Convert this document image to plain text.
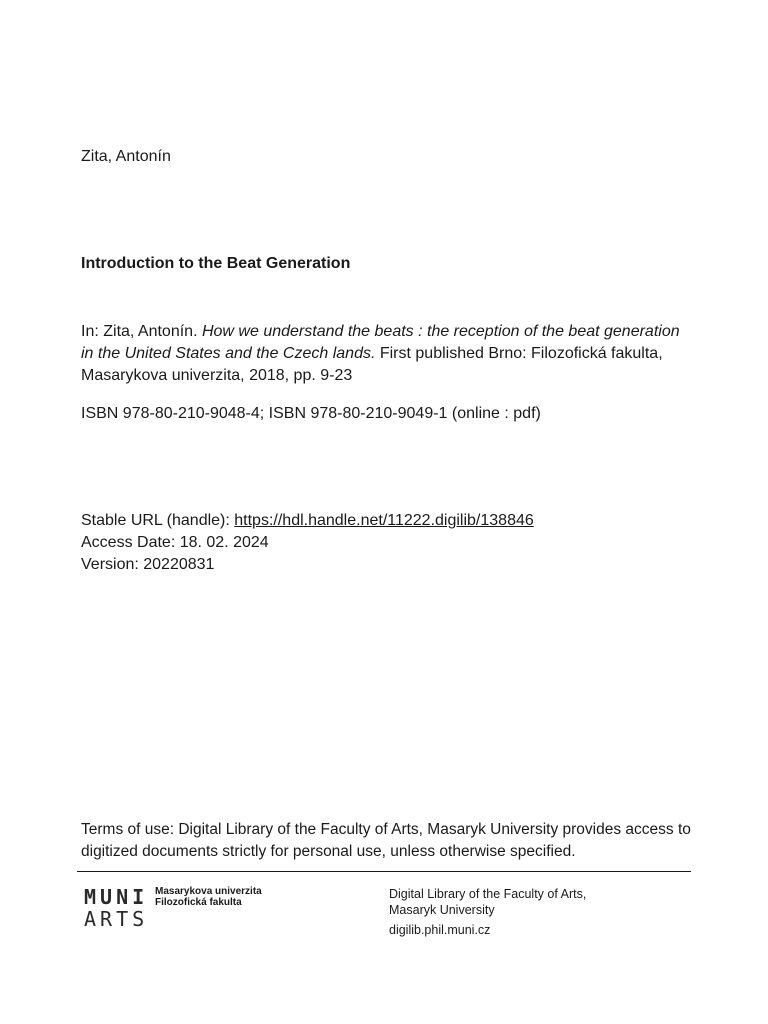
Zita, Antonín
Introduction to the Beat Generation
In: Zita, Antonín. How we understand the beats : the reception of the beat generation in the United States and the Czech lands. First published Brno: Filozofická fakulta, Masarykova univerzita, 2018, pp. 9-23
ISBN 978-80-210-9048-4; ISBN 978-80-210-9049-1 (online : pdf)
Stable URL (handle): https://hdl.handle.net/11222.digilib/138846
Access Date: 18. 02. 2024
Version: 20220831
Terms of use: Digital Library of the Faculty of Arts, Masaryk University provides access to digitized documents strictly for personal use, unless otherwise specified.
MUNI
ARTS
Masarykova univerzita
Filozofická fakulta
Digital Library of the Faculty of Arts,
Masaryk University
digilib.phil.muni.cz
